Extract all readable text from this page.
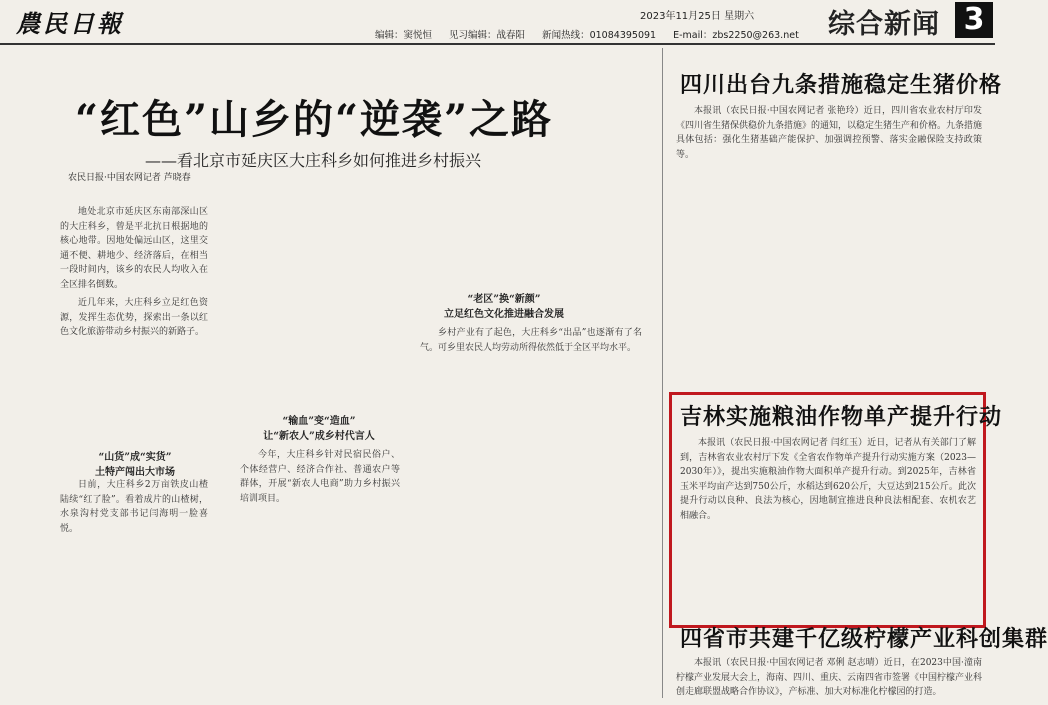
農民日報	2023年11月25日 星期六
编辑：窦悦恒 见习编辑：战春阳 新闻热线：01084395091 E-mail：zbs2250@263.net	综合新闻 3
“红色”山乡的“逆袭”之路
——看北京市延庆区大庄科乡如何推进乡村振兴
农民日报·中国农网记者 芦晓春

地处北京市延庆区东南部深山区的大庄科乡，曾是平北抗日根据地的核心地带。因地处偏远山区，这里交通不便、耕地少、经济落后，在相当一段时间内，该乡的农民人均收入在全区排名倒数。

近几年来，大庄科乡立足红色资源，发挥生态优势，探索出一条以红色文化旅游带动乡村振兴的新路子。

“山货”成“实货”
土特产闯出大市场

日前，大庄科乡2万亩铁皮山楂陆续“红了脸”。看着成片的山楂树，水泉沟村党支部书记闫海明一脸喜悦。

“输血”变“造血”
让“新农人”成乡村代言人

今年，大庄科乡针对民宿民俗户、个体经营户、经济合作社、普通农户等群体，开展“新农人电商”助力乡村振兴培训项目。

“老区”换“新颜”
立足红色文化推进融合发展

乡村产业有了起色，大庄科乡“出品”也逐渐有了名气。可乡里农民人均劳动所得依然低于全区平均水平。

四川出台九条措施稳定生猪价格

本报讯（农民日报·中国农网记者 张艳玲）近日，四川省农业农村厅印发《四川省生猪保供稳价九条措施》的通知，以稳定生猪生产和价格。九条措施具体包括：强化生猪基础产能保护、加强调控预警、落实金融保险支持政策等。

吉林实施粮油作物单产提升行动

本报讯（农民日报·中国农网记者 闫红玉）近日，记者从有关部门了解到，吉林省农业农村厅下发《全省农作物单产提升行动实施方案（2023—2030年）》，提出实施粮油作物大面积单产提升行动。到2025年，吉林省玉米平均亩产达到750公斤，水稻达到620公斤，大豆达到215公斤。此次提升行动以良种、良法为核心，因地制宜推进良种良法相配套、农机农艺相融合。

四省市共建千亿级柠檬产业科创集群

本报讯（农民日报·中国农网记者 邓俐 赵志晴）近日，在2023中国·潼南柠檬产业发展大会上，海南、四川、重庆、云南四省市签署《中国柠檬产业科创走廊联盟战略合作协议》，产标准、加大对标准化柠檬园的打造。
